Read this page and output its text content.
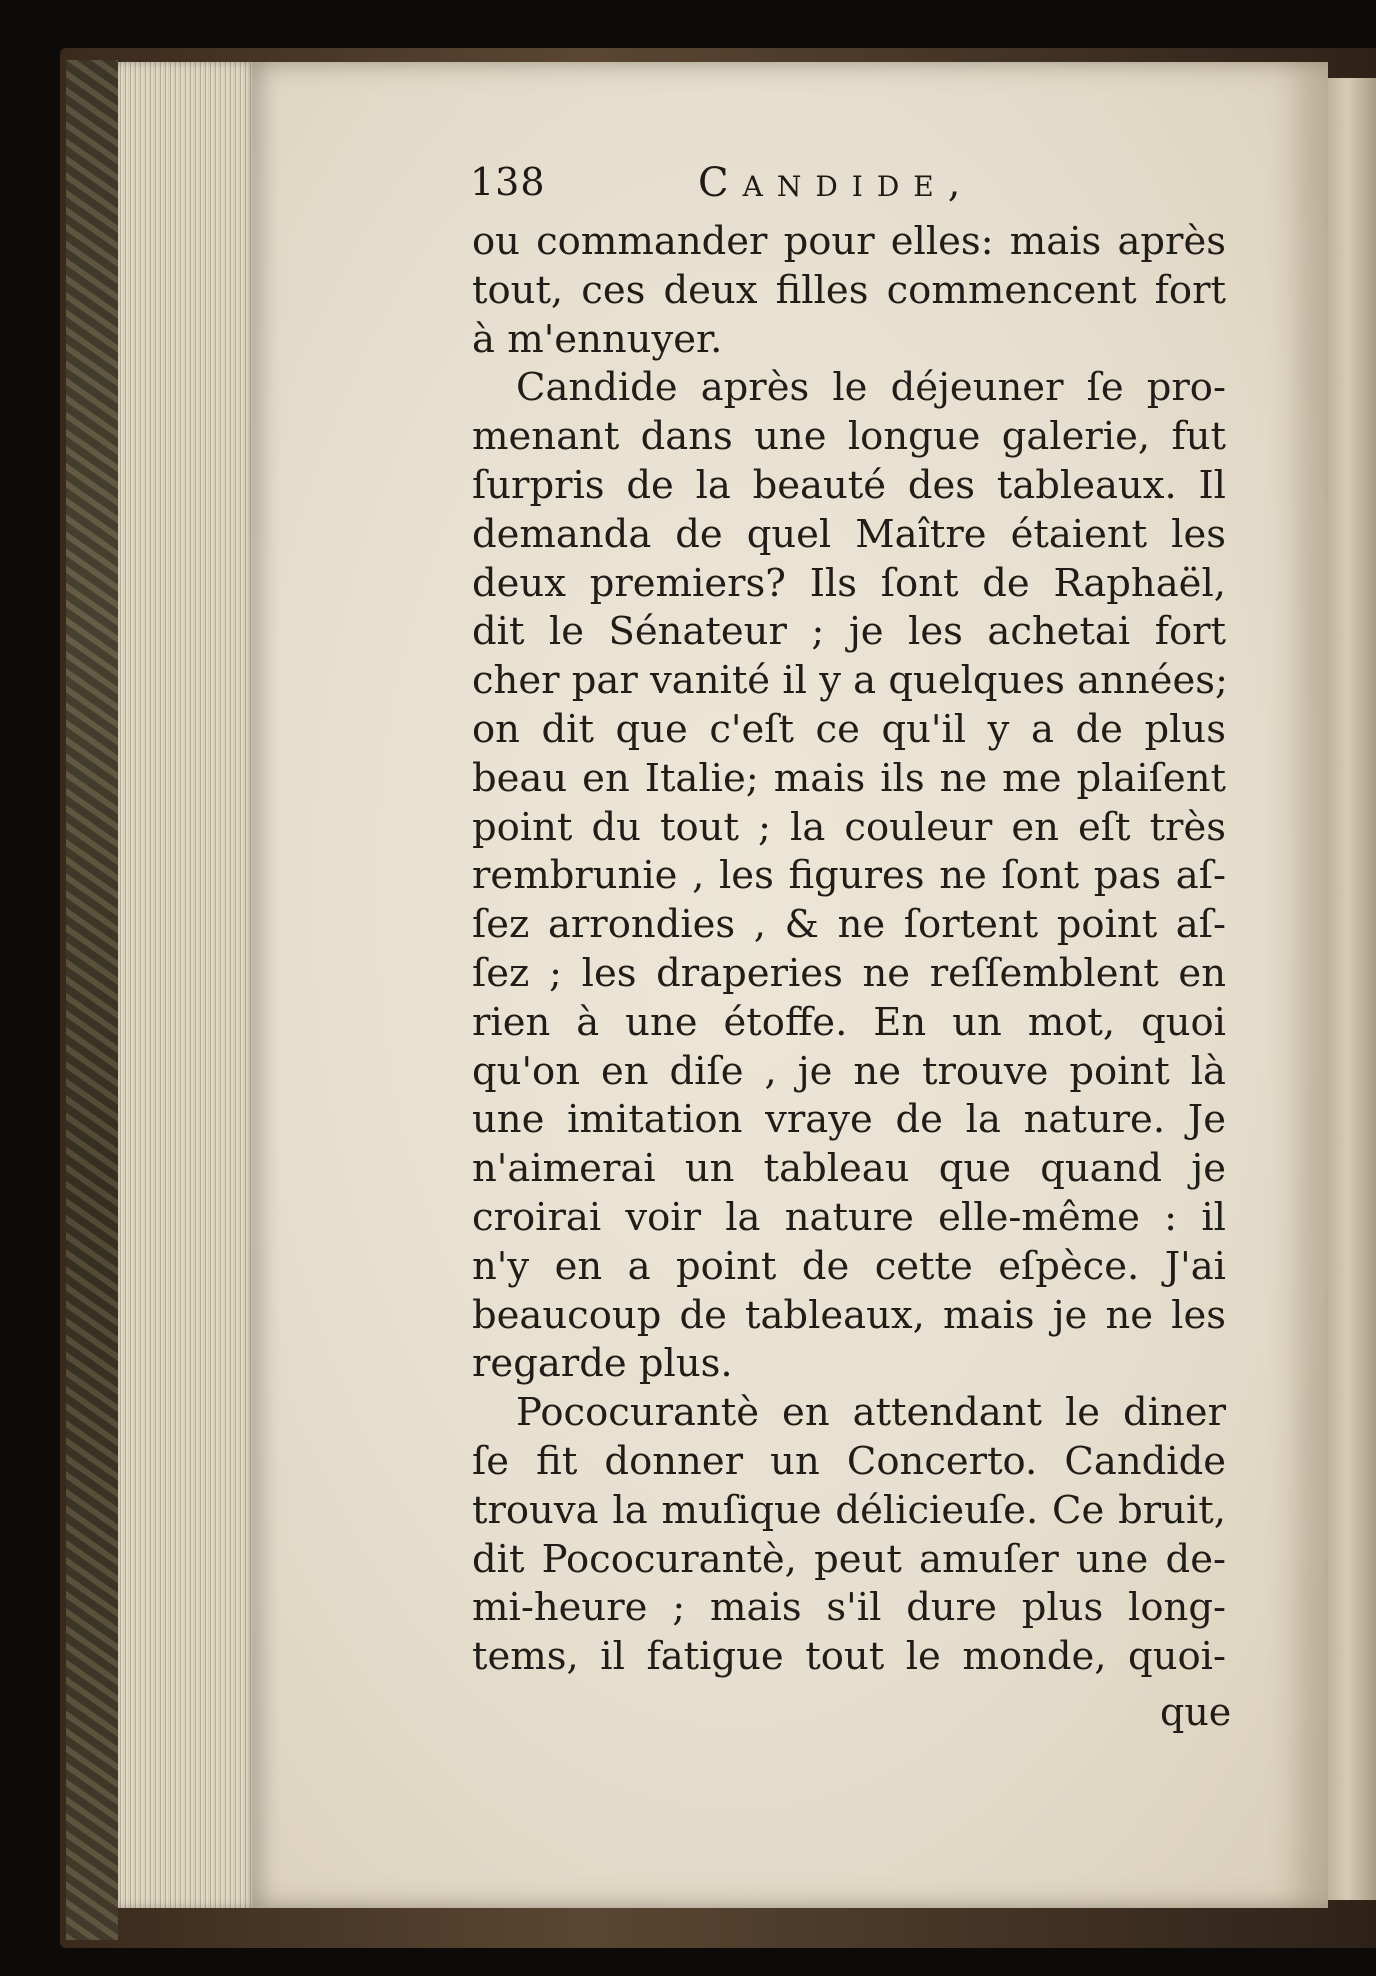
138	Candide,
ou commander pour elles: mais après
tout, ces deux filles commencent fort
à m'ennuyer.
Candide après le déjeuner ſe pro-
menant dans une longue galerie, fut
ſurpris de la beauté des tableaux. Il
demanda de quel Maître étaient les
deux premiers? Ils ſont de Raphaël,
dit le Sénateur ; je les achetai fort
cher par vanité il y a quelques années;
on dit que c'eſt ce qu'il y a de plus
beau en Italie; mais ils ne me plaiſent
point du tout ; la couleur en eſt très
rembrunie , les figures ne ſont pas aſ-
ſez arrondies , & ne ſortent point aſ-
ſez ; les draperies ne reſſemblent en
rien à une étoffe. En un mot, quoi
qu'on en diſe , je ne trouve point là
une imitation vraye de la nature. Je
n'aimerai un tableau que quand je
croirai voir la nature elle-même : il
n'y en a point de cette eſpèce. J'ai
beaucoup de tableaux, mais je ne les
regarde plus.
Pococurantè en attendant le diner
ſe fit donner un Concerto. Candide
trouva la muſique délicieuſe. Ce bruit,
dit Pococurantè, peut amuſer une de-
mi-heure ; mais s'il dure plus long-
tems, il fatigue tout le monde, quoi-
que
